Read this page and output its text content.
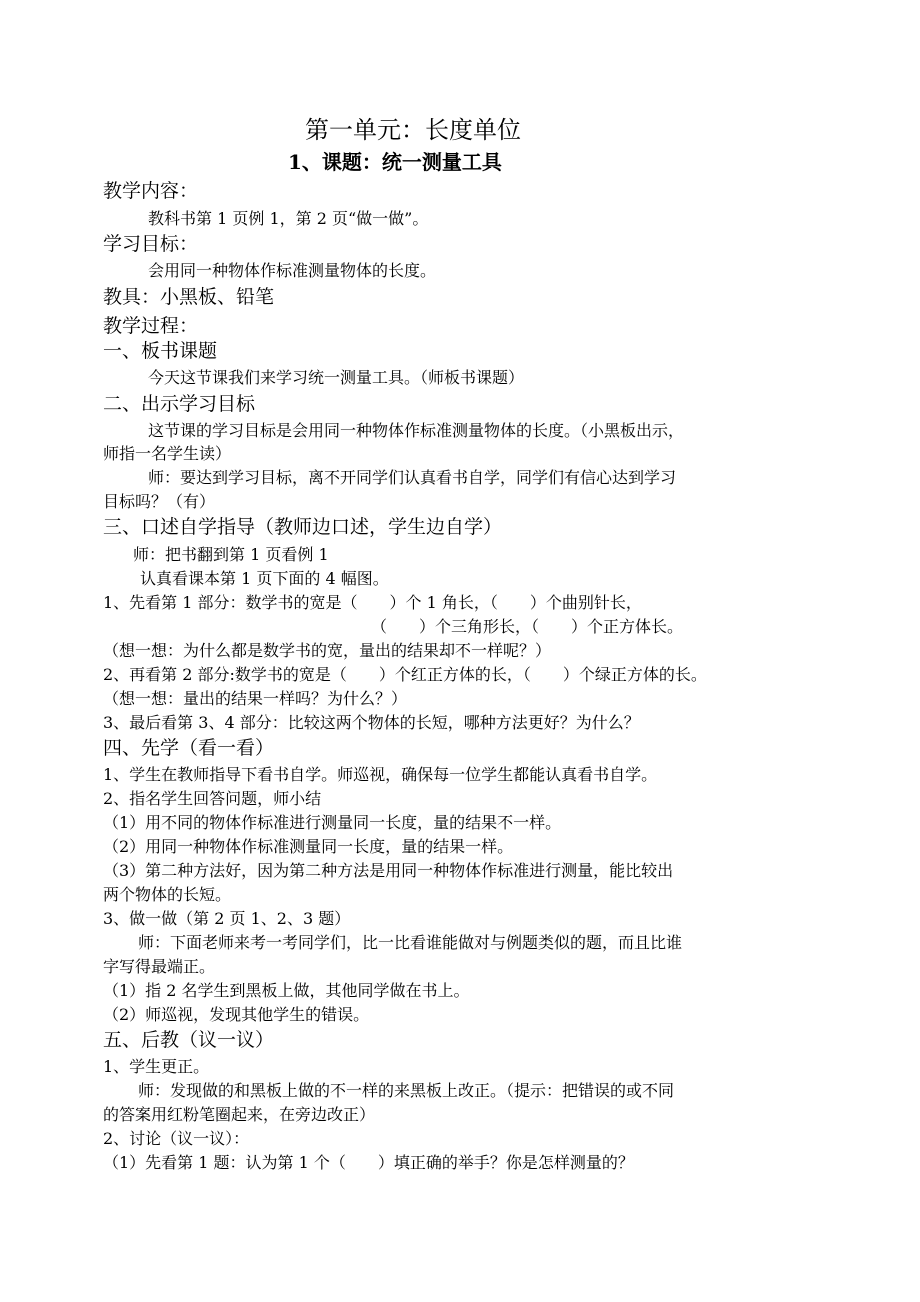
第一单元：长度单位
1、课题：统一测量工具
教学内容：
教科书第 1 页例 1，第 2 页“做一做”。
学习目标：
会用同一种物体作标准测量物体的长度。
教具：小黑板、铅笔
教学过程：
一、板书课题
今天这节课我们来学习统一测量工具。（师板书课题）
二、出示学习目标
这节课的学习目标是会用同一种物体作标准测量物体的长度。（小黑板出示，
师指一名学生读）
师：要达到学习目标，离不开同学们认真看书自学，同学们有信心达到学习
目标吗？（有）
三、口述自学指导（教师边口述，学生边自学）
师：把书翻到第 1 页看例 1
认真看课本第 1 页下面的 4 幅图。
1、先看第 1 部分：数学书的宽是（　　）个 1 角长，（　　）个曲别针长，
（　　）个三角形长，（　　）个正方体长。
（想一想：为什么都是数学书的宽，量出的结果却不一样呢？）
2、再看第 2 部分:数学书的宽是（　　）个红正方体的长，（　　）个绿正方体的长。
（想一想：量出的结果一样吗？为什么？）
3、最后看第 3、4 部分：比较这两个物体的长短，哪种方法更好？为什么？
四、先学（看一看）
1、学生在教师指导下看书自学。师巡视，确保每一位学生都能认真看书自学。
2、指名学生回答问题，师小结
（1）用不同的物体作标准进行测量同一长度，量的结果不一样。
（2）用同一种物体作标准测量同一长度，量的结果一样。
（3）第二种方法好，因为第二种方法是用同一种物体作标准进行测量，能比较出
两个物体的长短。
3、做一做（第 2 页 1、2、3 题）
师：下面老师来考一考同学们，比一比看谁能做对与例题类似的题，而且比谁
字写得最端正。
（1）指 2 名学生到黑板上做，其他同学做在书上。
（2）师巡视，发现其他学生的错误。
五、后教（议一议）
1、学生更正。
师：发现做的和黑板上做的不一样的来黑板上改正。（提示：把错误的或不同
的答案用红粉笔圈起来，在旁边改正）
2、讨论（议一议）：
（1）先看第 1 题：认为第 1 个（　　）填正确的举手？你是怎样测量的？
